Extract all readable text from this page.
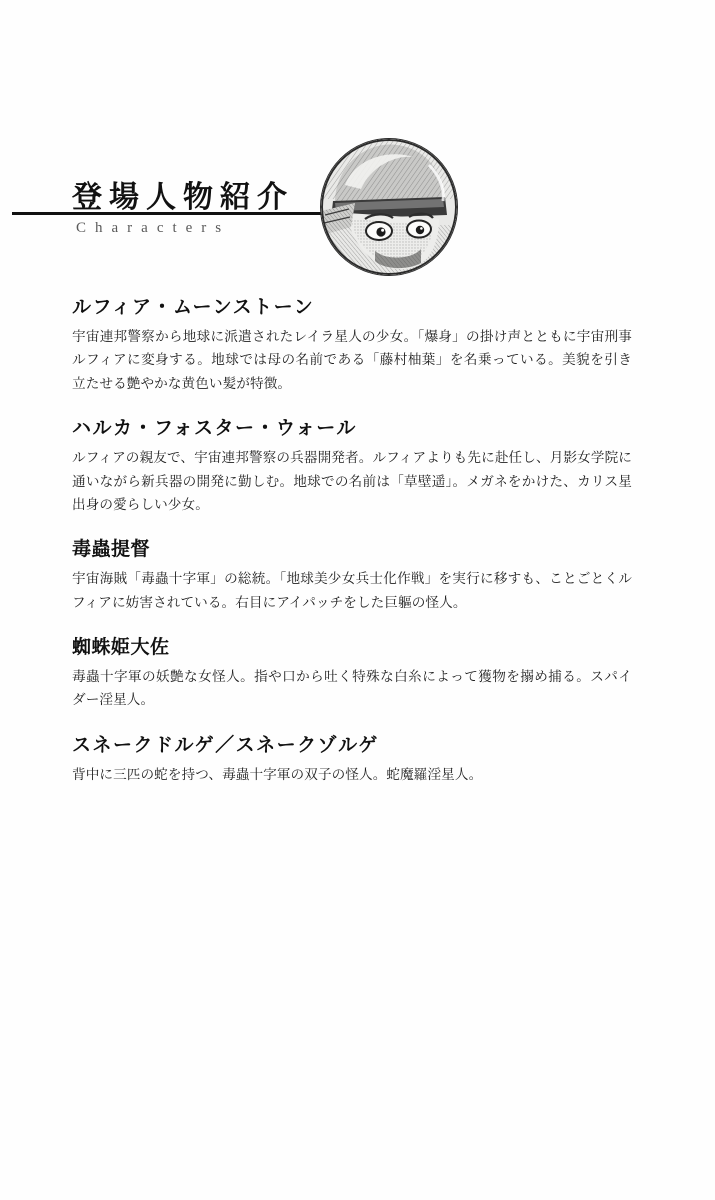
登場人物紹介
Characters
ルフィア・ムーンストーン

宇宙連邦警察から地球に派遣されたレイラ星人の少女。「爆身」の掛け声とともに宇宙刑事ルフィアに変身する。地球では母の名前である「藤村柚葉」を名乗っている。美貌を引き立たせる艶やかな黄色い髪が特徴。

ハルカ・フォスター・ウォール

ルフィアの親友で、宇宙連邦警察の兵器開発者。ルフィアよりも先に赴任し、月影女学院に通いながら新兵器の開発に勤しむ。地球での名前は「草壁遥」。メガネをかけた、カリス星出身の愛らしい少女。

毒蟲提督

宇宙海賊「毒蟲十字軍」の総統。「地球美少女兵士化作戦」を実行に移すも、ことごとくルフィアに妨害されている。右目にアイパッチをした巨軀の怪人。

蜘蛛姫大佐

毒蟲十字軍の妖艶な女怪人。指や口から吐く特殊な白糸によって獲物を搦め捕る。スパイダー淫星人。

スネークドルゲ／スネークゾルゲ

背中に三匹の蛇を持つ、毒蟲十字軍の双子の怪人。蛇魔羅淫星人。
